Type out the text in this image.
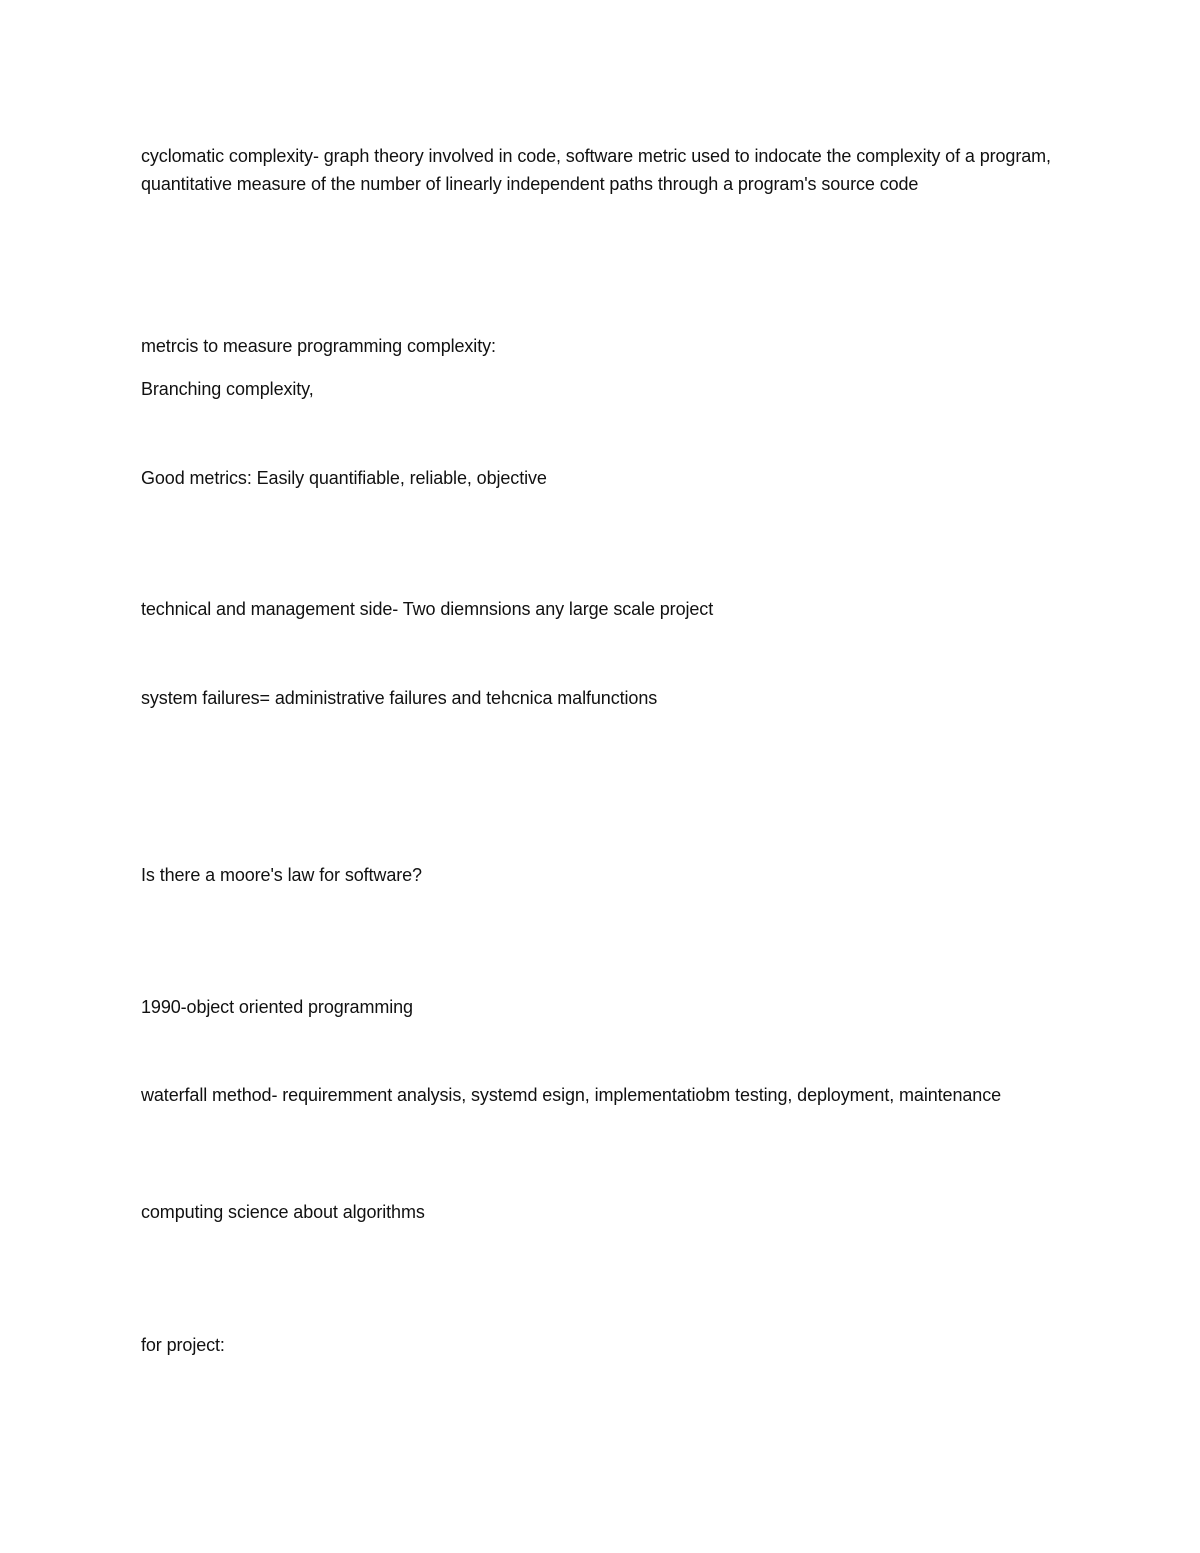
cyclomatic complexity- graph theory involved in code, software metric used to indocate the complexity of a program, quantitative measure of the number of linearly independent paths through a program's source code

metrcis to measure programming complexity:

Branching complexity,

Good metrics: Easily quantifiable, reliable, objective

technical and management side- Two diemnsions any large scale project

system failures= administrative failures and tehcnica malfunctions

Is there a moore's law for software?

1990-object oriented programming

waterfall method- requiremment analysis, systemd esign, implementatiobm testing, deployment, maintenance

computing science about algorithms

for project:
